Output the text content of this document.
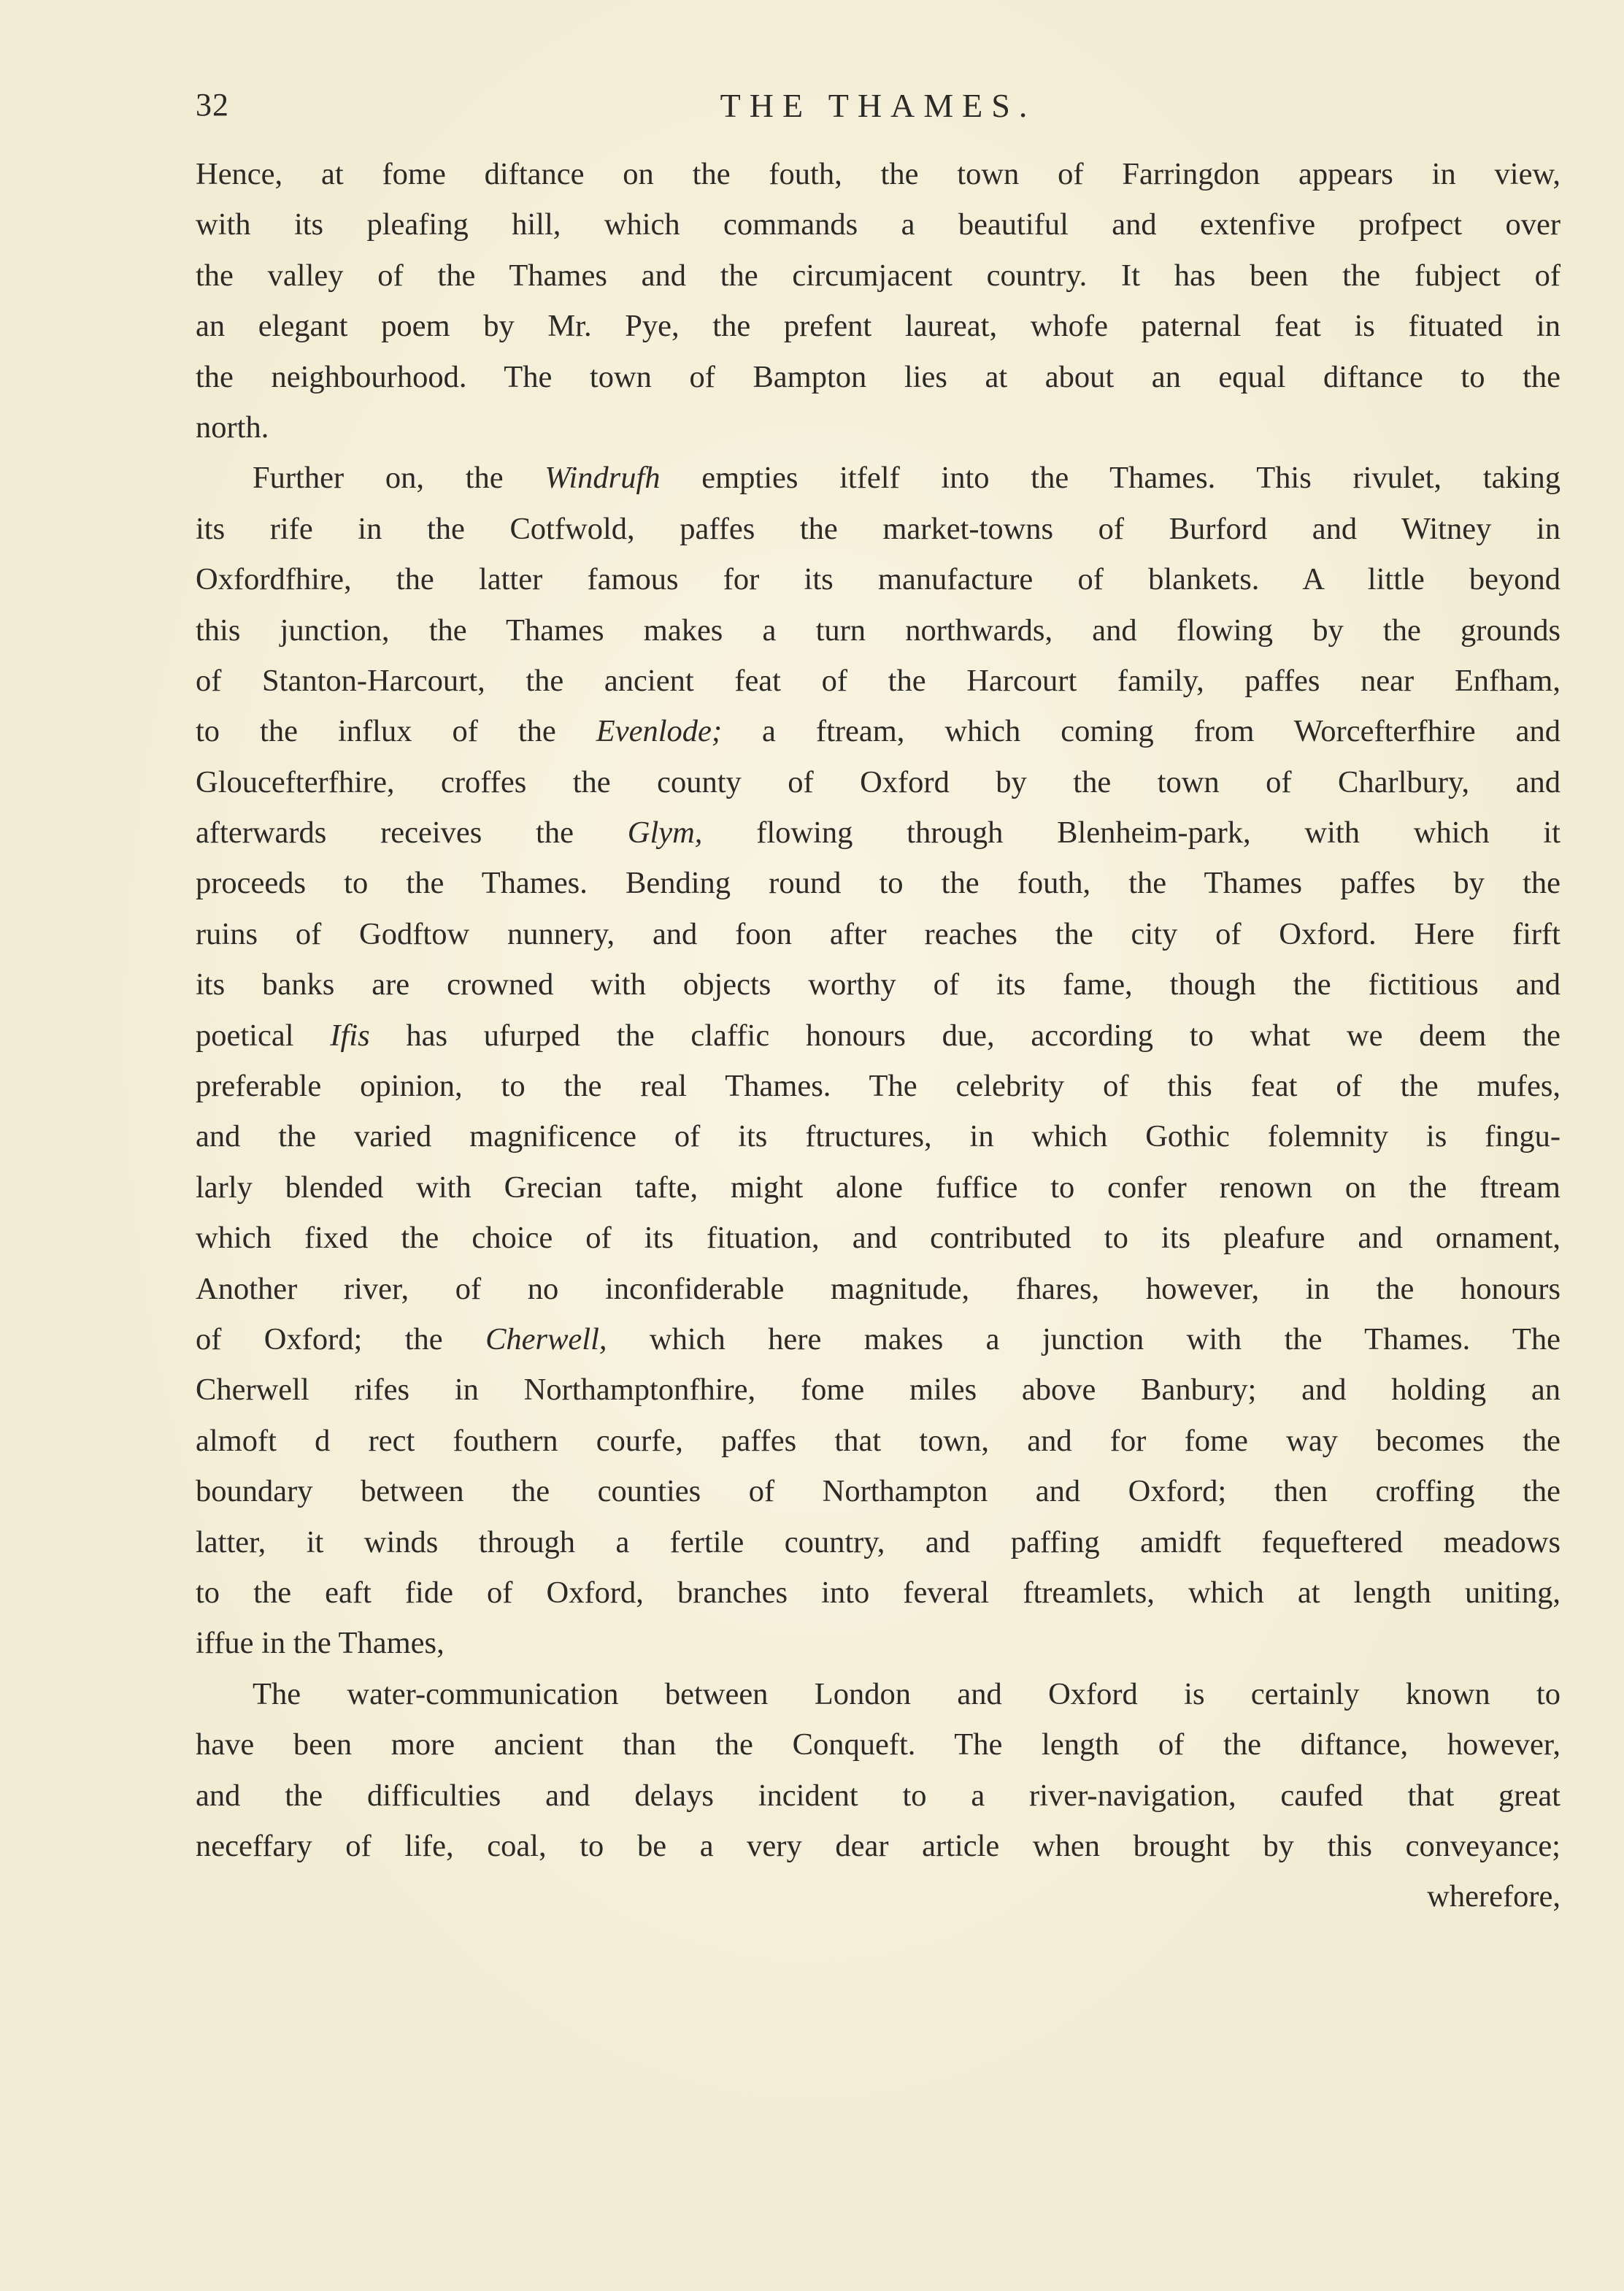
32	THE THAMES.
Hence, at fome diftance on the fouth, the town of Farringdon appears in view,
with its pleafing hill, which commands a beautiful and extenfive profpect over
the valley of the Thames and the circumjacent country. It has been the fubject of
an elegant poem by Mr. Pye, the prefent laureat, whofe paternal feat is fituated in
the neighbourhood. The town of Bampton lies at about an equal diftance to the
north.
Further on, the Windrufh empties itfelf into the Thames. This rivulet, taking
its rife in the Cotfwold, paffes the market-towns of Burford and Witney in
Oxfordfhire, the latter famous for its manufacture of blankets. A little beyond
this junction, the Thames makes a turn northwards, and flowing by the grounds
of Stanton-Harcourt, the ancient feat of the Harcourt family, paffes near Enfham,
to the influx of the Evenlode; a ftream, which coming from Worcefterfhire and
Gloucefterfhire, croffes the county of Oxford by the town of Charlbury, and
afterwards receives the Glym, flowing through Blenheim-park, with which it
proceeds to the Thames. Bending round to the fouth, the Thames paffes by the
ruins of Godftow nunnery, and foon after reaches the city of Oxford. Here firft
its banks are crowned with objects worthy of its fame, though the fictitious and
poetical Ifis has ufurped the claffic honours due, according to what we deem the
preferable opinion, to the real Thames. The celebrity of this feat of the mufes,
and the varied magnificence of its ftructures, in which Gothic folemnity is fingu-
larly blended with Grecian tafte, might alone fuffice to confer renown on the ftream
which fixed the choice of its fituation, and contributed to its pleafure and ornament,
Another river, of no inconfiderable magnitude, fhares, however, in the honours
of Oxford; the Cherwell, which here makes a junction with the Thames. The
Cherwell rifes in Northamptonfhire, fome miles above Banbury; and holding an
almoft d rect fouthern courfe, paffes that town, and for fome way becomes the
boundary between the counties of Northampton and Oxford; then croffing the
latter, it winds through a fertile country, and paffing amidft fequeftered meadows
to the eaft fide of Oxford, branches into feveral ftreamlets, which at length uniting,
iffue in the Thames,
The water-communication between London and Oxford is certainly known to
have been more ancient than the Conqueft. The length of the diftance, however,
and the difficulties and delays incident to a river-navigation, caufed that great
neceffary of life, coal, to be a very dear article when brought by this conveyance;
wherefore,
